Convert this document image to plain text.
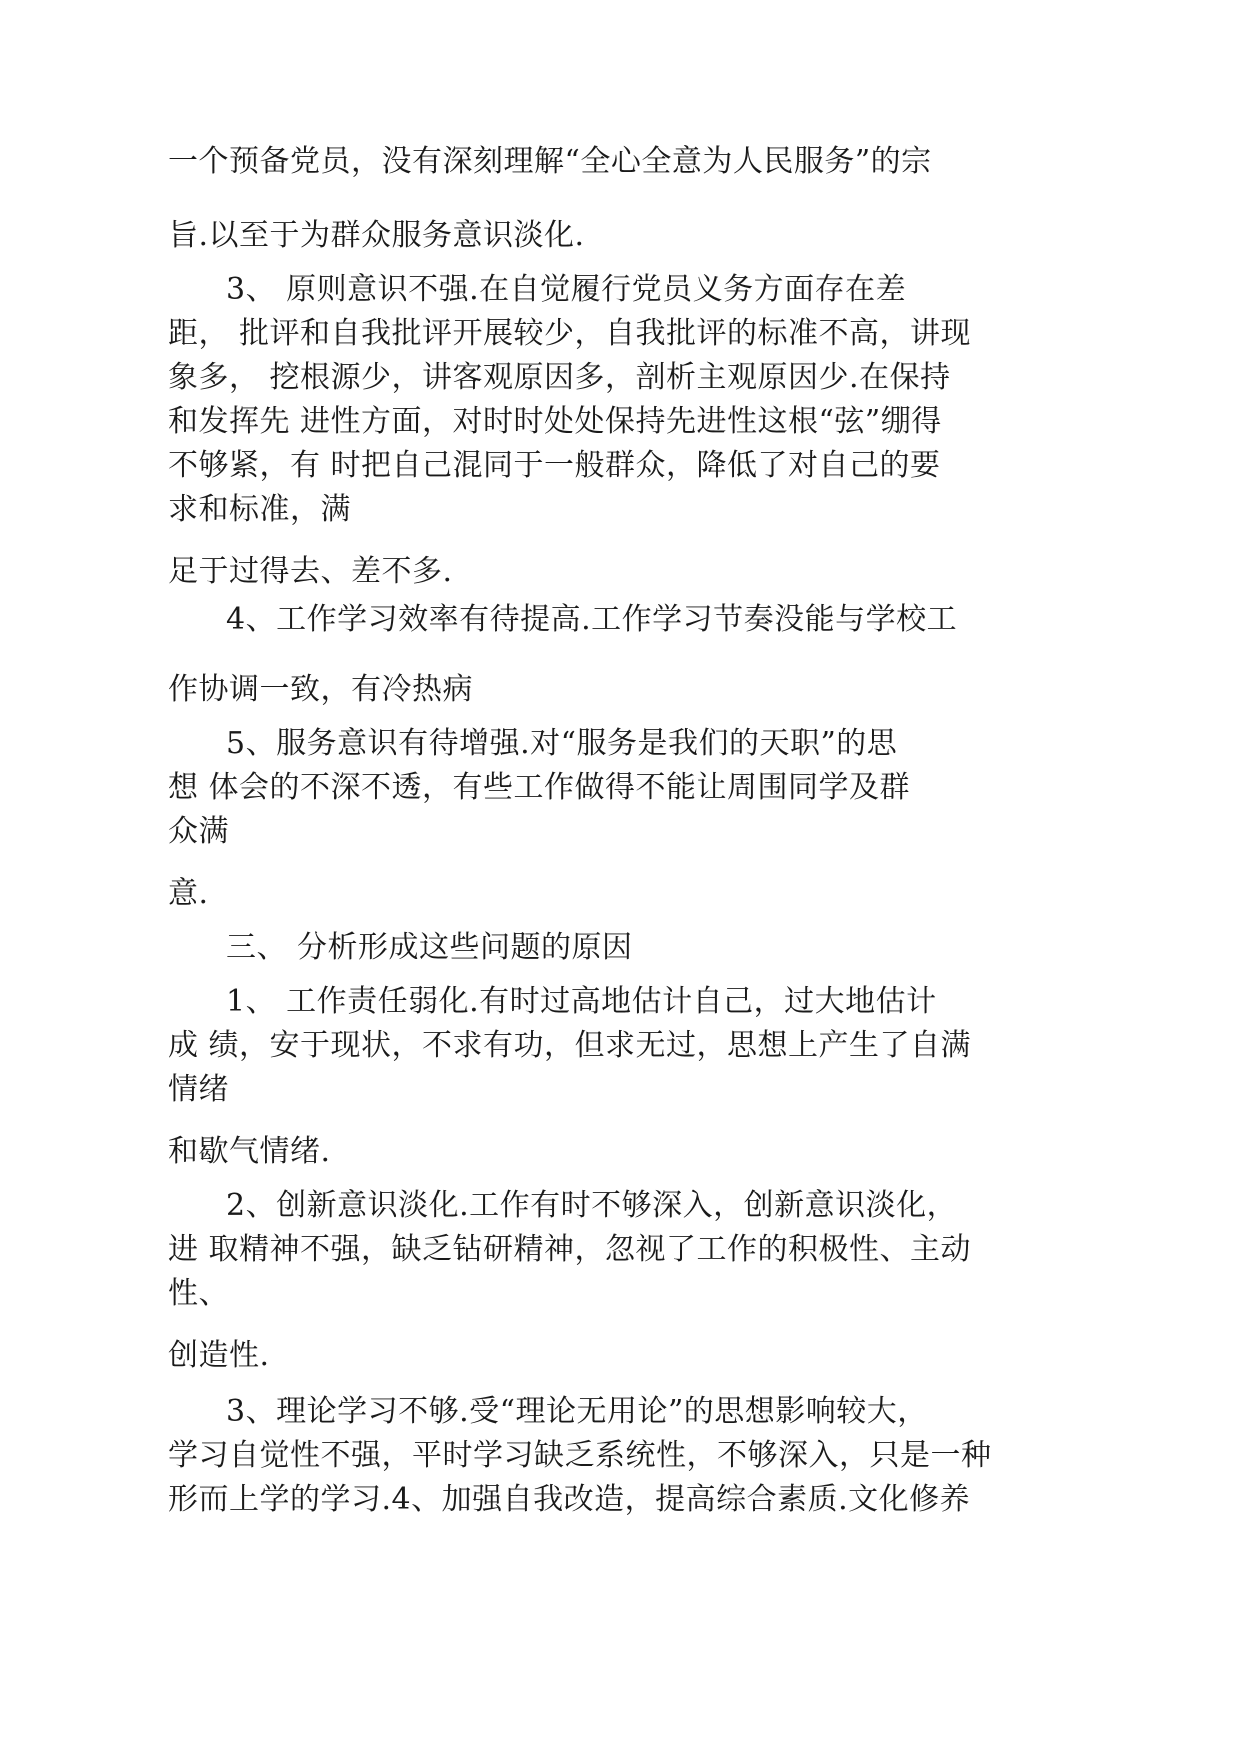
一个预备党员，没有深刻理解“全心全意为人民服务”的宗

旨.以至于为群众服务意识淡化.

3、 原则意识不强.在自觉履行党员义务方面存在差

距， 批评和自我批评开展较少，自我批评的标准不高，讲现

象多， 挖根源少，讲客观原因多，剖析主观原因少.在保持

和发挥先 进性方面，对时时处处保持先进性这根“弦”绷得

不够紧，有 时把自己混同于一般群众，降低了对自己的要

求和标准，满

足于过得去、差不多.

4、工作学习效率有待提高.工作学习节奏没能与学校工

作协调一致，有冷热病

5、服务意识有待增强.对“服务是我们的天职”的思

想 体会的不深不透，有些工作做得不能让周围同学及群

众满

意.

三、 分析形成这些问题的原因

1、 工作责任弱化.有时过高地估计自己，过大地估计

成 绩，安于现状，不求有功，但求无过，思想上产生了自满

情绪

和歇气情绪.

2、创新意识淡化.工作有时不够深入，创新意识淡化，

进 取精神不强，缺乏钻研精神，忽视了工作的积极性、主动

性、

创造性.

3、理论学习不够.受“理论无用论”的思想影响较大，

学习自觉性不强，平时学习缺乏系统性，不够深入，只是一种

形而上学的学习.4、加强自我改造，提高综合素质.文化修养
